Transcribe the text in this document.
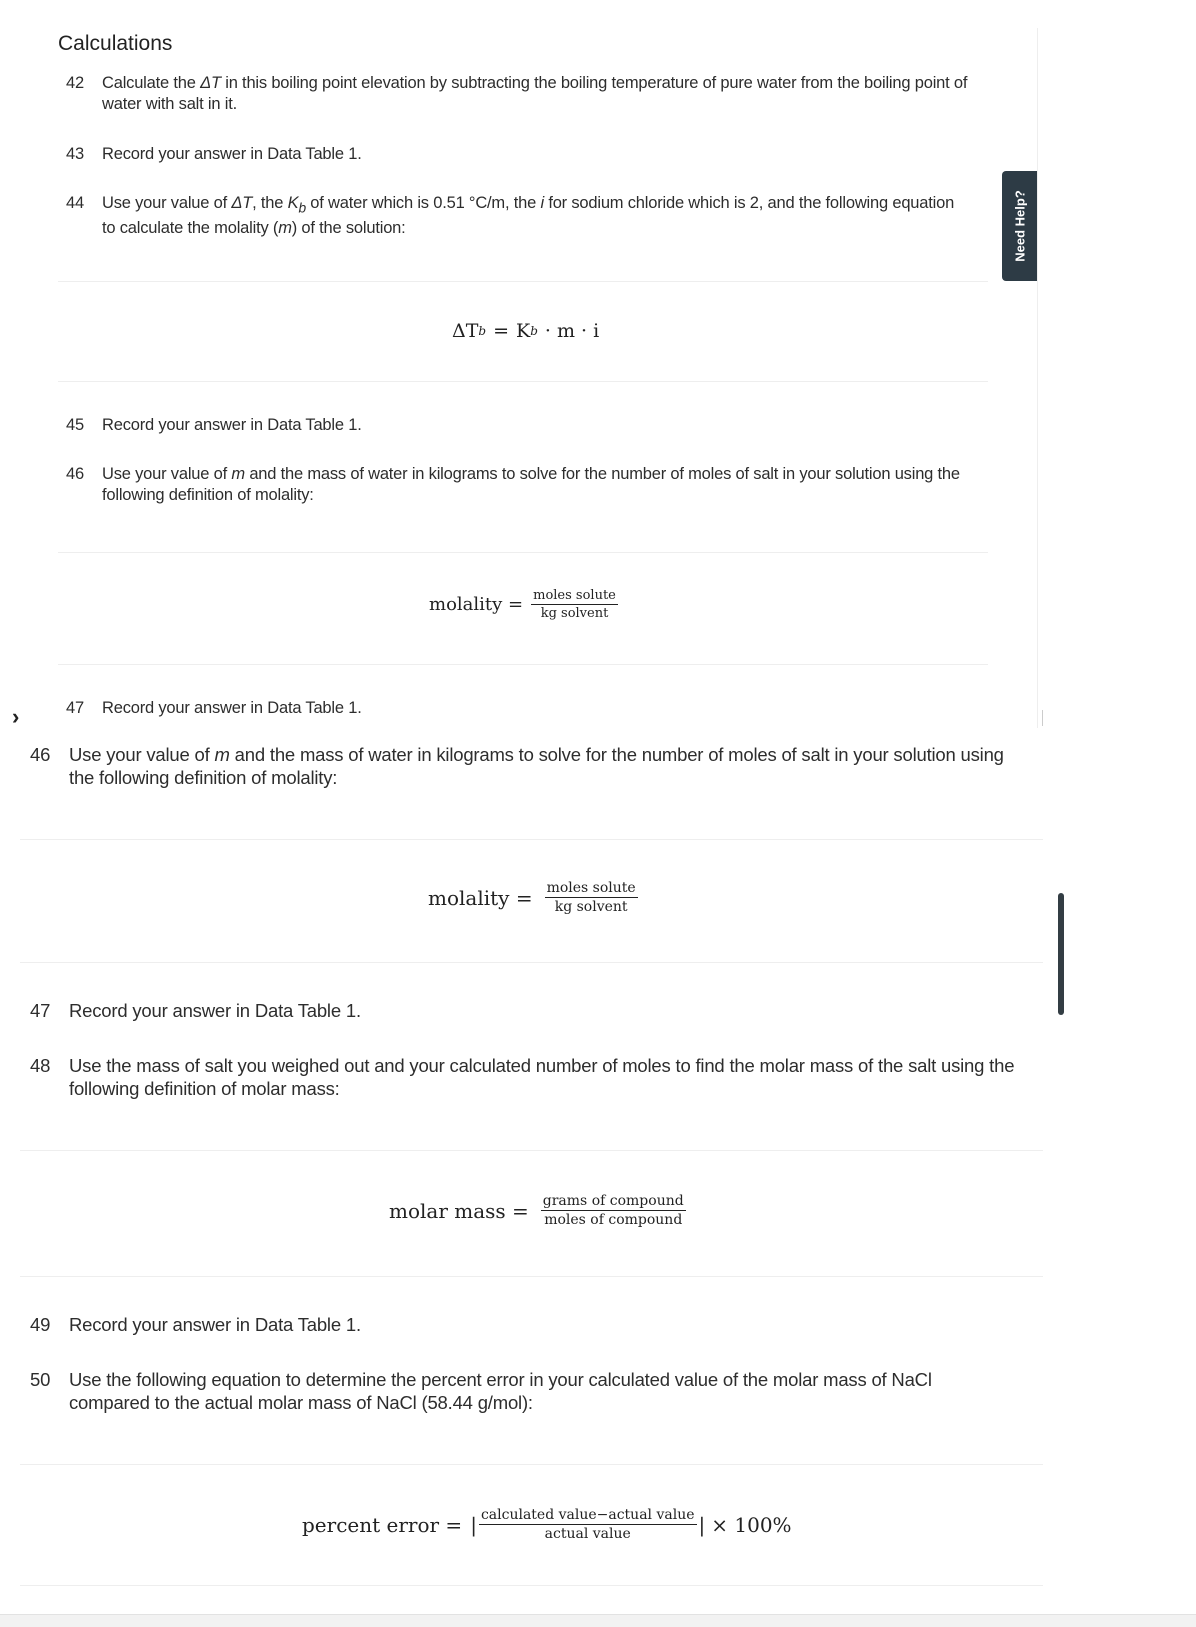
Calculations
42	Calculate the ΔT in this boiling point elevation by subtracting the boiling temperature of pure water from the boiling point of water with salt in it.
43	Record your answer in Data Table 1.
44	Use your value of ΔT, the $K_b$ of water which is 0.51 °C/m, the i for sodium chloride which is 2, and the following equation to calculate the molality (m) of the solution:
ΔT b = K b · m · i
45	Record your answer in Data Table 1.
46	Use your value of m and the mass of water in kilograms to solve for the number of moles of salt in your solution using the following definition of molality:
molality = $\frac{\text{moles solute}}{\text{kg solvent}}$
47	Record your answer in Data Table 1.
Need Help?
›
46	Use your value of m and the mass of water in kilograms to solve for the number of moles of salt in your solution using the following definition of molality:
molality = $\frac{\text{moles solute}}{\text{kg solvent}}$
47	Record your answer in Data Table 1.
48	Use the mass of salt you weighed out and your calculated number of moles to find the molar mass of the salt using the following definition of molar mass:
molar mass = $\frac{\text{grams of compound}}{\text{moles of compound}}$
49	Record your answer in Data Table 1.
50	Use the following equation to determine the percent error in your calculated value of the molar mass of NaCl compared to the actual molar mass of NaCl (58.44 g/mol):
percent error = | $\frac{\text{calculated value−actual value}}{\text{actual value}}$ | × 100%
